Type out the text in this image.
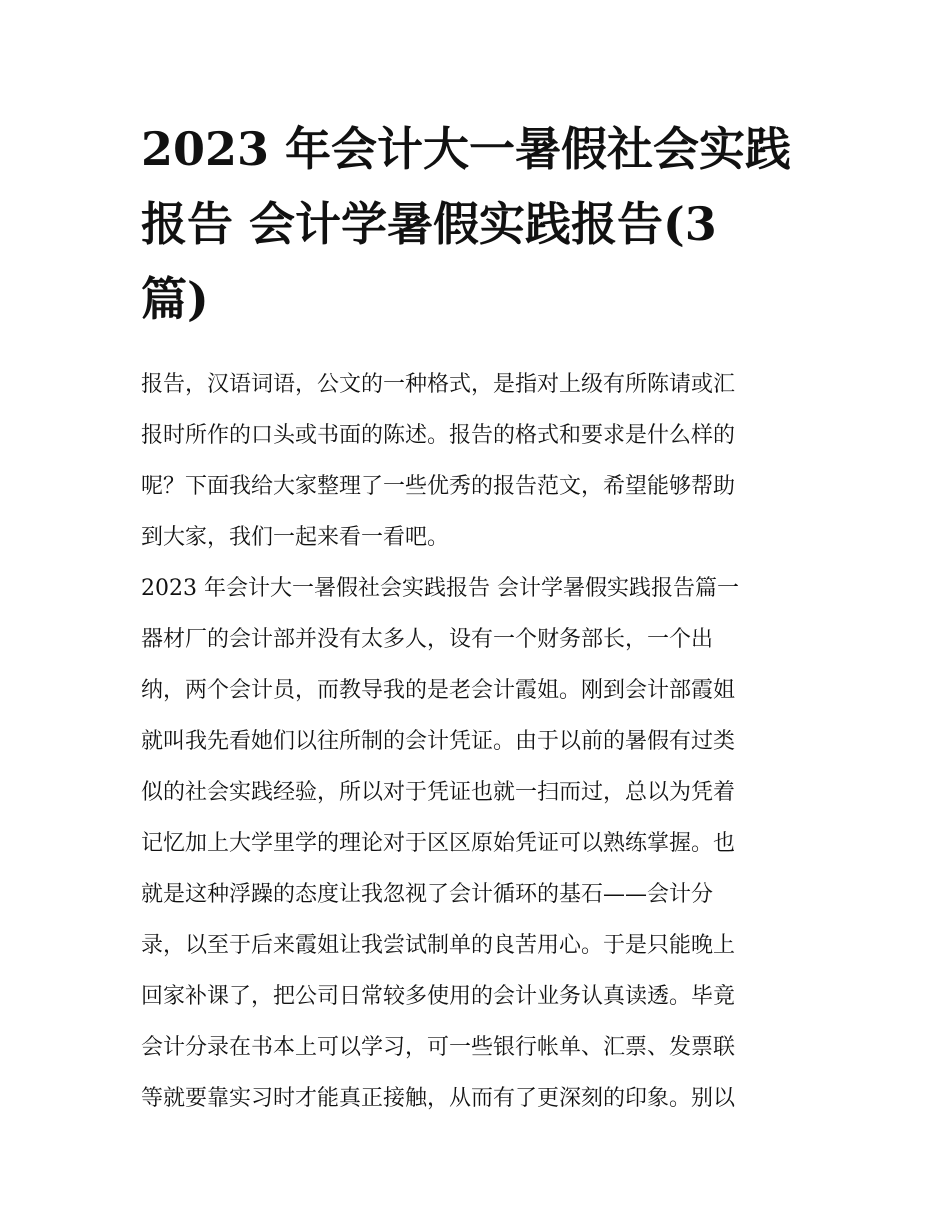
2023 年会计大一暑假社会实践
报告 会计学暑假实践报告(3
篇)

报告，汉语词语，公文的一种格式，是指对上级有所陈请或汇
报时所作的口头或书面的陈述。报告的格式和要求是什么样的
呢？下面我给大家整理了一些优秀的报告范文，希望能够帮助
到大家，我们一起来看一看吧。

2023 年会计大一暑假社会实践报告 会计学暑假实践报告篇一

器材厂的会计部并没有太多人，设有一个财务部长，一个出
纳，两个会计员，而教导我的是老会计霞姐。刚到会计部霞姐
就叫我先看她们以往所制的会计凭证。由于以前的暑假有过类
似的社会实践经验，所以对于凭证也就一扫而过，总以为凭着
记忆加上大学里学的理论对于区区原始凭证可以熟练掌握。也
就是这种浮躁的态度让我忽视了会计循环的基石——会计分
录，以至于后来霞姐让我尝试制单的良苦用心。于是只能晚上
回家补课了，把公司日常较多使用的会计业务认真读透。毕竟
会计分录在书本上可以学习，可一些银行帐单、汇票、发票联
等就要靠实习时才能真正接触，从而有了更深刻的印象。别以
